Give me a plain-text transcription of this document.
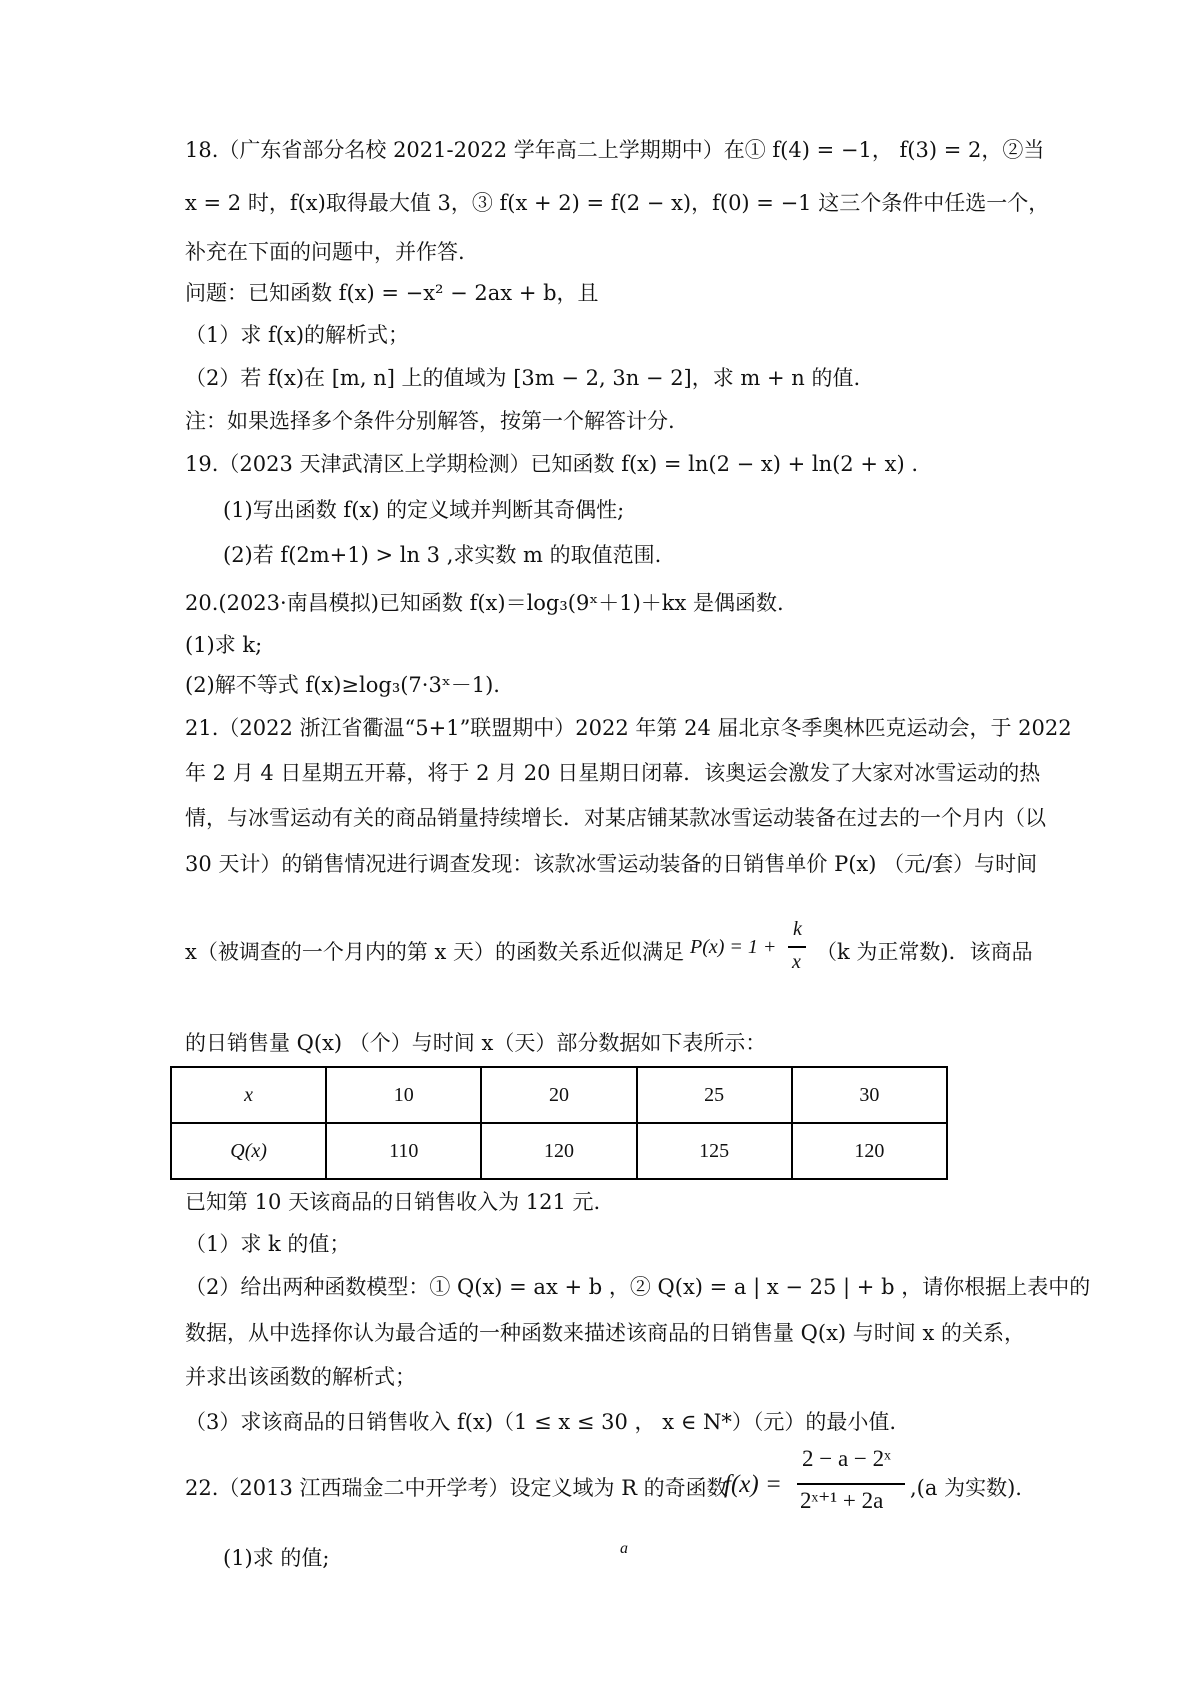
18.（广东省部分名校 2021-2022 学年高二上学期期中）在① f(4) = −1， f(3) = 2，②当
x = 2 时，f(x)取得最大值 3，③ f(x + 2) = f(2 − x)，f(0) = −1 这三个条件中任选一个，
补充在下面的问题中，并作答.
问题：已知函数 f(x) = −x² − 2ax + b，且
（1）求 f(x)的解析式；
（2）若 f(x)在 [m, n] 上的值域为 [3m − 2, 3n − 2]，求 m + n 的值.
注：如果选择多个条件分别解答，按第一个解答计分.
19.（2023 天津武清区上学期检测）已知函数 f(x) = ln(2 − x) + ln(2 + x) .
(1)写出函数 f(x) 的定义域并判断其奇偶性;
(2)若 f(2m+1) > ln 3 ,求实数 m 的取值范围.
20.(2023·南昌模拟)已知函数 f(x)＝log₃(9ˣ＋1)＋kx 是偶函数.
(1)求 k;
(2)解不等式 f(x)≥log₃(7·3ˣ－1).
21.（2022 浙江省衢温“5+1”联盟期中）2022 年第 24 届北京冬季奥林匹克运动会，于 2022
年 2 月 4 日星期五开幕，将于 2 月 20 日星期日闭幕．该奥运会激发了大家对冰雪运动的热
情，与冰雪运动有关的商品销量持续增长．对某店铺某款冰雪运动装备在过去的一个月内（以
30 天计）的销售情况进行调查发现：该款冰雪运动装备的日销售单价 P(x) （元/套）与时间
x（被调查的一个月内的第 x 天）的函数关系近似满足 P(x) = 1 +
k
x （k 为正常数)．该商品
的日销售量 Q(x) （个）与时间 x（天）部分数据如下表所示：
x	10	20	25	30
Q(x)	110	120	125	120
已知第 10 天该商品的日销售收入为 121 元.
（1）求 k 的值；
（2）给出两种函数模型：① Q(x) = ax + b ，② Q(x) = a | x − 25 | + b ，请你根据上表中的
数据，从中选择你认为最合适的一种函数来描述该商品的日销售量 Q(x) 与时间 x 的关系，
并求出该函数的解析式；
（3）求该商品的日销售收入 f(x)（1 ≤ x ≤ 30 ， x ∈ N*）（元）的最小值.
22.（2013 江西瑞金二中开学考）设定义域为 R 的奇函数
f(x) =
2 − a − 2ˣ
2ˣ⁺¹ + 2a ,(a 为实数).
(1)求 的值;	a
